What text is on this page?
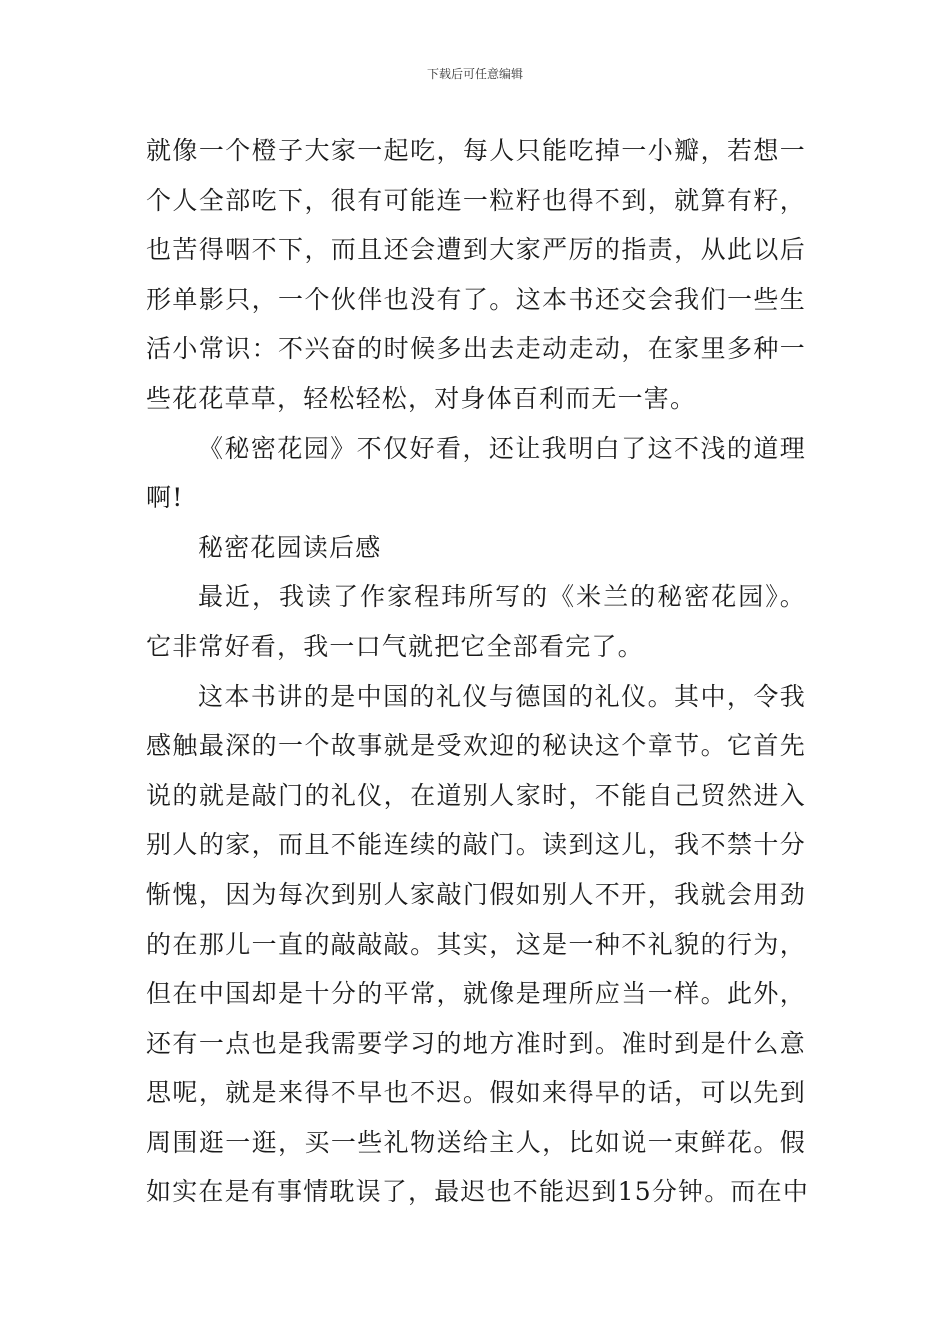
下载后可任意编辑
就像一个橙子大家一起吃，每人只能吃掉一小瓣，若想一
个人全部吃下，很有可能连一粒籽也得不到，就算有籽，
也苦得咽不下，而且还会遭到大家严厉的指责，从此以后
形单影只，一个伙伴也没有了。这本书还交会我们一些生
活小常识：不兴奋的时候多出去走动走动，在家里多种一
些花花草草，轻松轻松，对身体百利而无一害。
《秘密花园》不仅好看，还让我明白了这不浅的道理
啊!
秘密花园读后感
最近，我读了作家程玮所写的《米兰的秘密花园》。
它非常好看，我一口气就把它全部看完了。
这本书讲的是中国的礼仪与德国的礼仪。其中，令我
感触最深的一个故事就是受欢迎的秘诀这个章节。它首先
说的就是敲门的礼仪，在道别人家时，不能自己贸然进入
别人的家，而且不能连续的敲门。读到这儿，我不禁十分
惭愧，因为每次到别人家敲门假如别人不开，我就会用劲
的在那儿一直的敲敲敲。其实，这是一种不礼貌的行为，
但在中国却是十分的平常，就像是理所应当一样。此外，
还有一点也是我需要学习的地方准时到。准时到是什么意
思呢，就是来得不早也不迟。假如来得早的话，可以先到
周围逛一逛，买一些礼物送给主人，比如说一束鲜花。假
如实在是有事情耽误了，最迟也不能迟到15分钟。而在中
